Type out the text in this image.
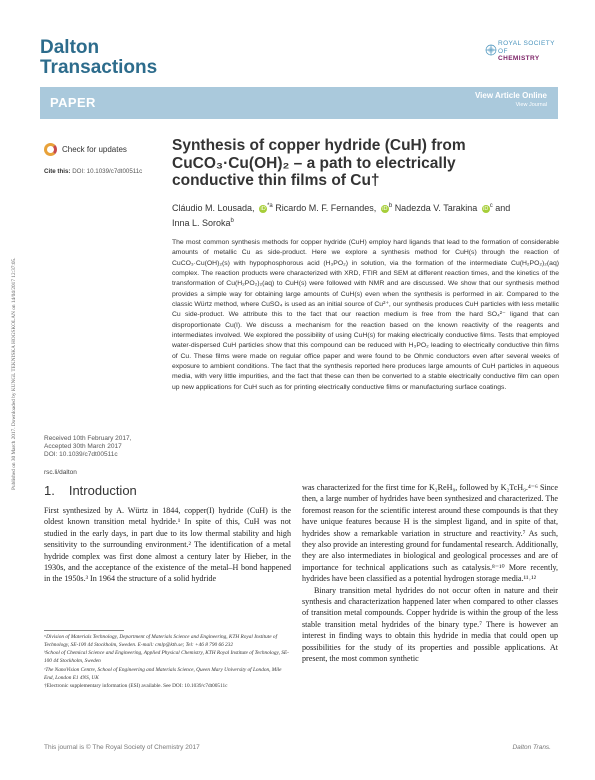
Dalton
Transactions
ROYAL SOCIETY
OF
CHEMISTRY
PAPER	View Article Online
View Journal
Published on 30 March 2017. Downloaded by KUNGL TEKNISKA HOGSKOLAN on 14/04/2017 12:37:05.
Check for updates
Cite this: DOI: 10.1039/c7dt00511c
Synthesis of copper hydride (CuH) from
CuCO₃·Cu(OH)₂ – a path to electrically
conductive thin films of Cu†
Cláudio M. Lousada, $iD^{*a}$ Ricardo M. F. Fernandes, $iD^b$ Nadezda V. Tarakina $iD^c$ and
Inna L. Soroka$^b$
The most common synthesis methods for copper hydride (CuH) employ hard ligands that lead to the formation of considerable amounts of metallic Cu as side-product. Here we explore a synthesis method for CuH(s) through the reaction of CuCO₃·Cu(OH)₂(s) with hypophosphorous acid (H₃PO₂) in solution, via the formation of the intermediate Cu(H₂PO₂)₂(aq) complex. The reaction products were characterized with XRD, FTIR and SEM at different reaction times, and the kinetics of the transformation of Cu(H₂PO₂)₂(aq) to CuH(s) were followed with NMR and are discussed. We show that our synthesis method provides a simple way for obtaining large amounts of CuH(s) even when the synthesis is performed in air. Compared to the classic Würtz method, where CuSO₄ is used as an initial source of Cu²⁺, our synthesis produces CuH particles with less metallic Cu side-product. We attribute this to the fact that our reaction medium is free from the hard SO₄²⁻ ligand that can disproportionate Cu(I). We discuss a mechanism for the reaction based on the known reactivity of the reagents and intermediates involved. We explored the possibility of using CuH(s) for making electrically conductive films. Tests that employed water-dispersed CuH particles show that this compound can be reduced with H₃PO₂ leading to electrically conductive thin films of Cu. These films were made on regular office paper and were found to be Ohmic conductors even after several weeks of exposure to ambient conditions. The fact that the synthesis reported here produces large amounts of CuH particles in aqueous media, with very little impurities, and the fact that these can then be converted to a stable electrically conductive film can open up new applications for CuH such as for printing electrically conductive films or manufacturing surface coatings.
Received 10th February 2017,
Accepted 30th March 2017
DOI: 10.1039/c7dt00511c
rsc.li/dalton
1. Introduction

First synthesized by A. Würtz in 1844, copper(I) hydride (CuH) is the oldest known transition metal hydride.¹ In spite of this, CuH was not studied in the early days, in part due to its low thermal stability and high sensitivity to the surrounding environment.² The identification of a metal hydride complex was first done almost a century later by Hieber, in the 1930s, and the acceptance of the existence of the metal–H bond happened in the 1950s.³ In 1964 the structure of a solid hydride

was characterized for the first time for K₂ReH₉, followed by K₂TcH₉.⁴⁻⁶ Since then, a large number of hydrides have been synthesized and characterized. The foremost reason for the scientific interest around these compounds is that they have unique features because H is the simplest ligand, and in spite of that, hydrides show a remarkable variation in structure and reactivity.⁷ As such, they also provide an interesting ground for fundamental research. Additionally, they are also intermediates in biological and geological processes and are of importance for technical applications such as catalysis.⁸⁻¹⁰ More recently, hydrides have been classified as a potential hydrogen storage media.¹¹˒¹²

Binary transition metal hydrides do not occur often in nature and their synthesis and characterization happened later when compared to other classes of transition metal compounds. Copper hydride is within the group of the less stable transition metal hydrides of the binary type.⁷ There is however an interest in finding ways to obtain this hydride in media that could open up possibilities for the study of its properties and possible applications. At present, the most common synthetic

ᵃDivision of Materials Technology, Department of Materials Science and Engineering, KTH Royal Institute of Technology, SE-100 44 Stockholm, Sweden. E-mail: cmlp@kth.se; Tel: +46 8 790 66 232
ᵇSchool of Chemical Science and Engineering, Applied Physical Chemistry, KTH Royal Institute of Technology, SE-100 44 Stockholm, Sweden
ᶜThe NanoVision Centre, School of Engineering and Materials Science, Queen Mary University of London, Mile End, London E1 4NS, UK
†Electronic supplementary information (ESI) available. See DOI: 10.1039/c7dt00511c
This journal is © The Royal Society of Chemistry 2017	Dalton Trans.
